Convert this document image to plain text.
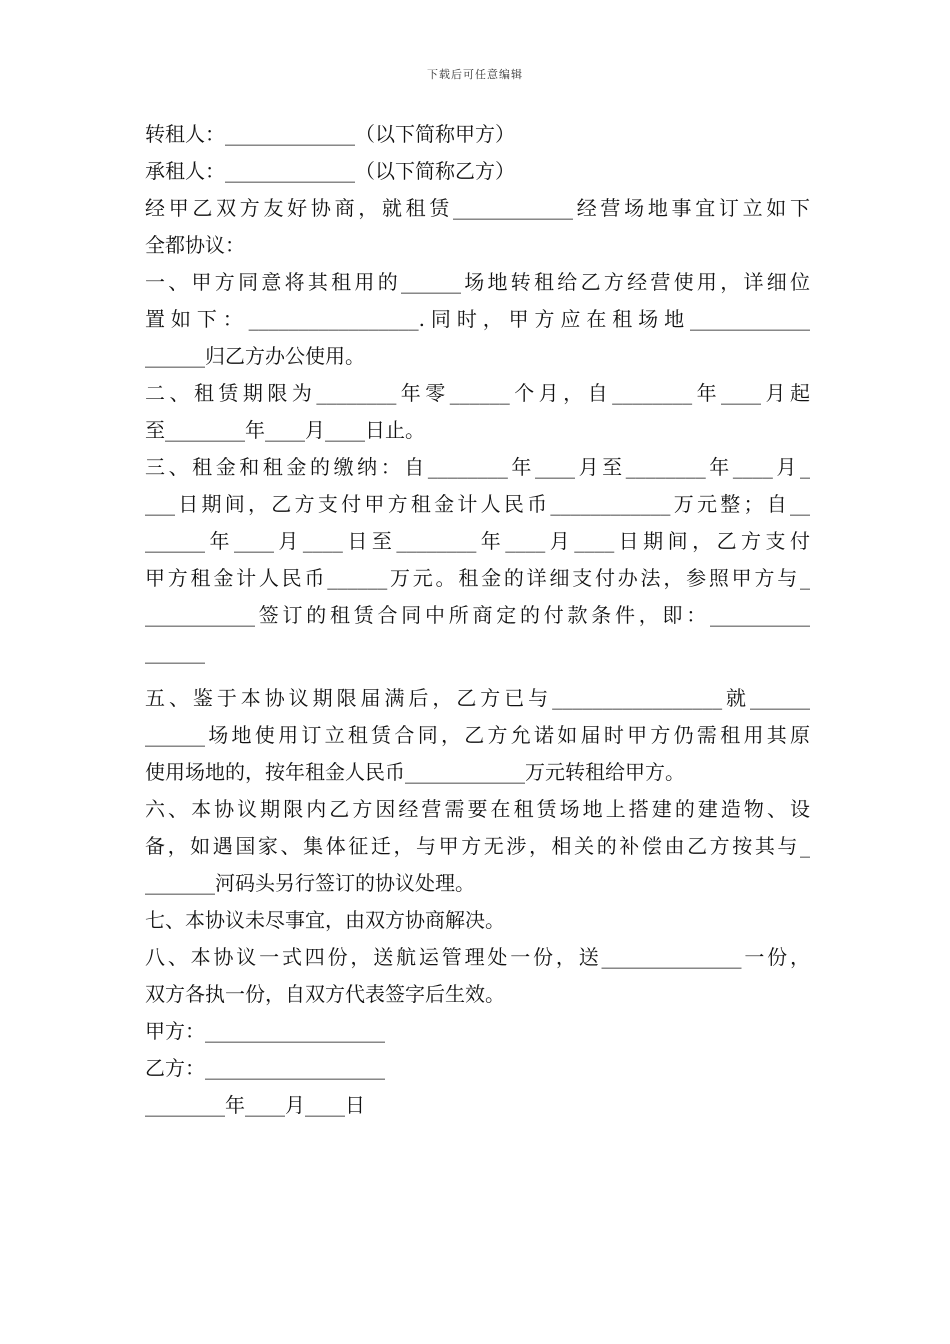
下载后可任意编辑
转租人：_____________（以下简称甲方）
承租人：_____________（以下简称乙方）
经甲乙双方友好协商，就租赁____________经营场地事宜订立如下
全都协议：
一、甲方同意将其租用的______场地转租给乙方经营使用，详细位
置如下：_________________.同时，甲方应在租场地____________
______归乙方办公使用。
二、租赁期限为________年零______个月，自________年____月起
至________年____月____日止。
三、租金和租金的缴纳：自________年____月至________年____月_
___日期间，乙方支付甲方租金计人民币____________万元整；自__
______年____月____日至________年____月____日期间，乙方支付
甲方租金计人民币______万元。租金的详细支付办法，参照甲方与_
___________签订的租赁合同中所商定的付款条件，即：__________
______
五、鉴于本协议期限届满后，乙方已与_________________就______
______场地使用订立租赁合同，乙方允诺如届时甲方仍需租用其原
使用场地的，按年租金人民币____________万元转租给甲方。
六、本协议期限内乙方因经营需要在租赁场地上搭建的建造物、设
备，如遇国家、集体征迁，与甲方无涉，相关的补偿由乙方按其与_
_______河码头另行签订的协议处理。
七、本协议未尽事宜，由双方协商解决。
八、本协议一式四份，送航运管理处一份，送______________一份，
双方各执一份，自双方代表签字后生效。
甲方：__________________
乙方：__________________
________年____月____日
